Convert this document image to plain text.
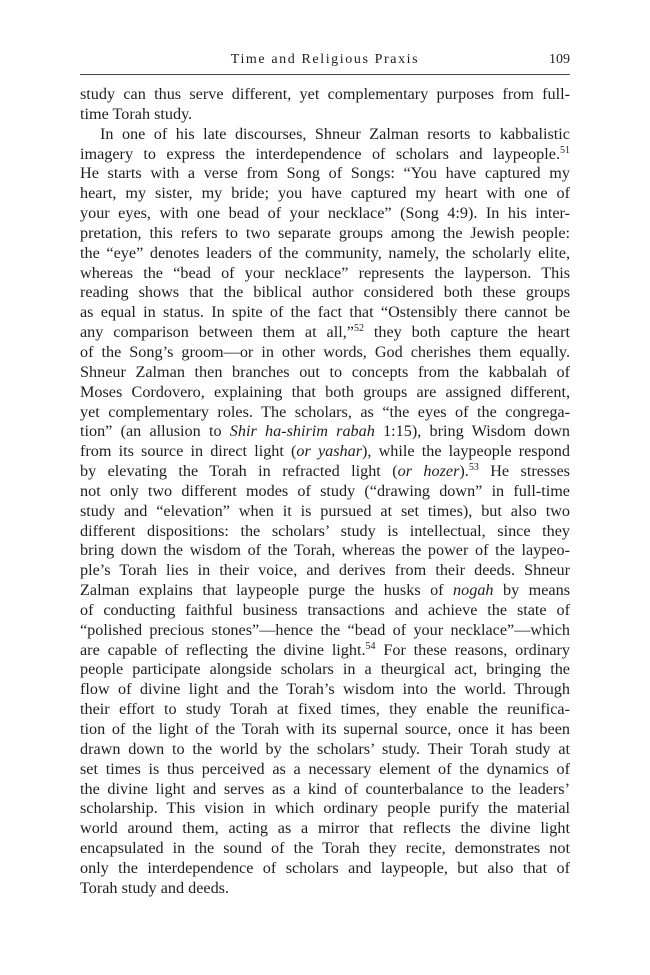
Time and Religious Praxis	109
study can thus serve different, yet complementary purposes from full-
time Torah study.
In one of his late discourses, Shneur Zalman resorts to kabbalistic
imagery to express the interdependence of scholars and laypeople.$^{51}$
He starts with a verse from Song of Songs: “You have captured my
heart, my sister, my bride; you have captured my heart with one of
your eyes, with one bead of your necklace” (Song 4:9). In his inter-
pretation, this refers to two separate groups among the Jewish people:
the “eye” denotes leaders of the community, namely, the scholarly elite,
whereas the “bead of your necklace” represents the layperson. This
reading shows that the biblical author considered both these groups
as equal in status. In spite of the fact that “Ostensibly there cannot be
any comparison between them at all,”$^{52}$ they both capture the heart
of the Song’s groom—or in other words, God cherishes them equally.
Shneur Zalman then branches out to concepts from the kabbalah of
Moses Cordovero, explaining that both groups are assigned different,
yet complementary roles. The scholars, as “the eyes of the congrega-
tion” (an allusion to Shir ha-shirim rabah 1:15), bring Wisdom down
from its source in direct light (or yashar), while the laypeople respond
by elevating the Torah in refracted light (or hozer).$^{53}$ He stresses
not only two different modes of study (“drawing down” in full-time
study and “elevation” when it is pursued at set times), but also two
different dispositions: the scholars’ study is intellectual, since they
bring down the wisdom of the Torah, whereas the power of the laypeo-
ple’s Torah lies in their voice, and derives from their deeds. Shneur
Zalman explains that laypeople purge the husks of nogah by means
of conducting faithful business transactions and achieve the state of
“polished precious stones”—hence the “bead of your necklace”—which
are capable of reflecting the divine light.$^{54}$ For these reasons, ordinary
people participate alongside scholars in a theurgical act, bringing the
flow of divine light and the Torah’s wisdom into the world. Through
their effort to study Torah at fixed times, they enable the reunifica-
tion of the light of the Torah with its supernal source, once it has been
drawn down to the world by the scholars’ study. Their Torah study at
set times is thus perceived as a necessary element of the dynamics of
the divine light and serves as a kind of counterbalance to the leaders’
scholarship. This vision in which ordinary people purify the material
world around them, acting as a mirror that reflects the divine light
encapsulated in the sound of the Torah they recite, demonstrates not
only the interdependence of scholars and laypeople, but also that of
Torah study and deeds.
